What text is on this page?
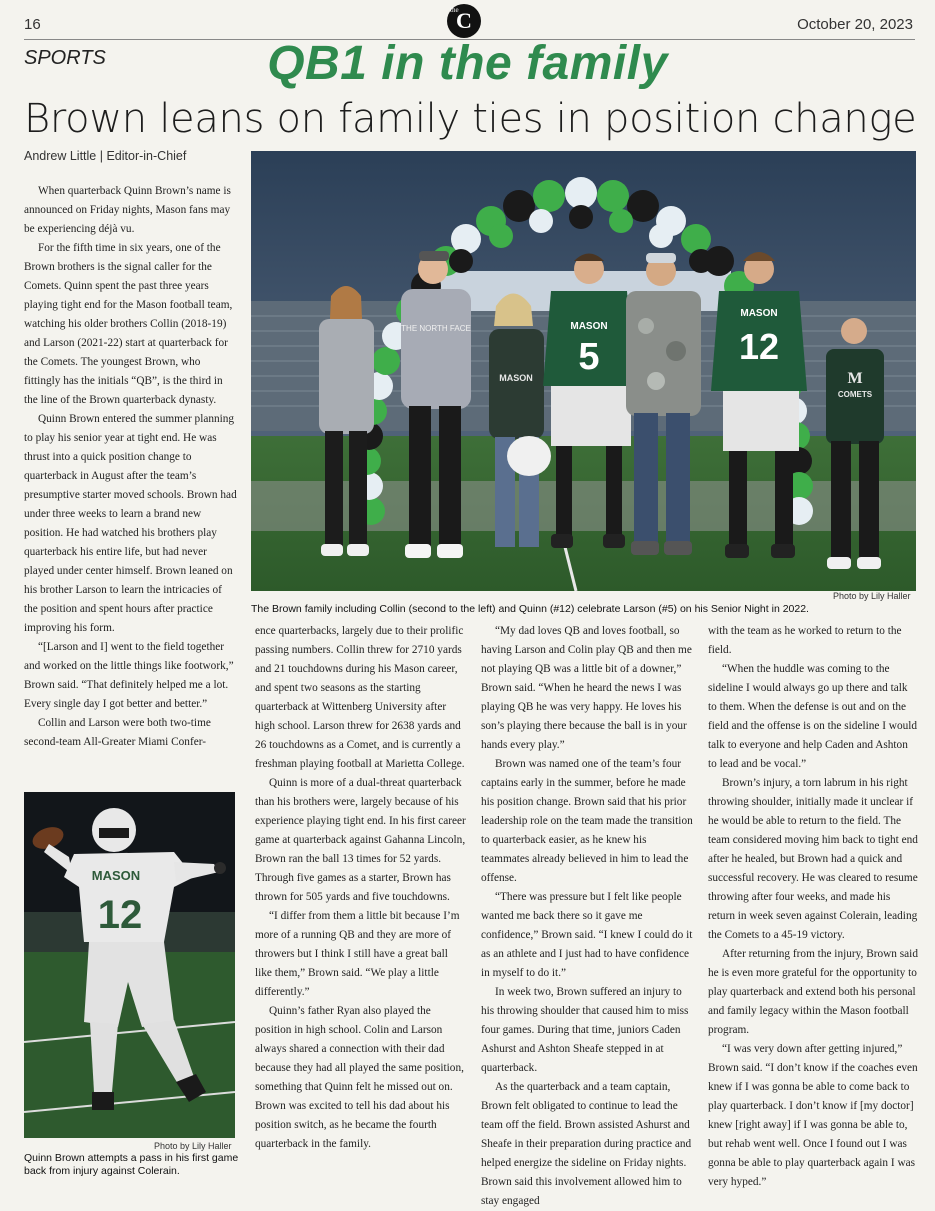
16
the
C	October 20, 2023
SPORTS	QB1 in the family
Brown leans on family ties in position change
Andrew Little | Editor-in-Chief
THE NORTH FACE
MASON
MASON
5
MASON
12
M
COMETS
Photo by Lily Haller
The Brown family including Collin (second to the left) and Quinn (#12) celebrate Larson (#5) on his Senior Night in 2022.
MASON
12
Photo by Lily Haller
Quinn Brown attempts a pass in his first game back from injury against Colerain.

When quarterback Quinn Brown’s name is announced on Friday nights, Mason fans may be experiencing déjà vu.

For the fifth time in six years, one of the Brown brothers is the signal caller for the Comets. Quinn spent the past three years playing tight end for the Mason football team, watching his older brothers Collin (2018-19) and Larson (2021-22) start at quarterback for the Comets. The youngest Brown, who fittingly has the initials “QB”, is the third in the line of the Brown quarterback dynasty.

Quinn Brown entered the summer planning to play his senior year at tight end. He was thrust into a quick position change to quarterback in August after the team’s presumptive starter moved schools. Brown had under three weeks to learn a brand new position. He had watched his brothers play quarterback his entire life, but had never played under center himself. Brown leaned on his brother Larson to learn the intricacies of the position and spent hours after practice improving his form.

“[Larson and I] went to the field together and worked on the little things like footwork,” Brown said. “That definitely helped me a lot. Every single day I got better and better.”

Collin and Larson were both two-time second-team All-Greater Miami Confer-

ence quarterbacks, largely due to their prolific passing numbers. Collin threw for 2710 yards and 21 touchdowns during his Mason career, and spent two seasons as the starting quarterback at Wittenberg University after high school. Larson threw for 2638 yards and 26 touchdowns as a Comet, and is currently a freshman playing football at Marietta College.

Quinn is more of a dual-threat quarterback than his brothers were, largely because of his experience playing tight end. In his first career game at quarterback against Gahanna Lincoln, Brown ran the ball 13 times for 52 yards. Through five games as a starter, Brown has thrown for 505 yards and five touchdowns.

“I differ from them a little bit because I’m more of a running QB and they are more of throwers but I think I still have a great ball like them,” Brown said. “We play a little differently.”

Quinn’s father Ryan also played the position in high school. Colin and Larson always shared a connection with their dad because they had all played the same position, something that Quinn felt he missed out on. Brown was excited to tell his dad about his position switch, as he became the fourth quarterback in the family.

“My dad loves QB and loves football, so having Larson and Colin play QB and then me not playing QB was a little bit of a downer,” Brown said. “When he heard the news I was playing QB he was very happy. He loves his son’s playing there because the ball is in your hands every play.”

Brown was named one of the team’s four captains early in the summer, before he made his position change. Brown said that his prior leadership role on the team made the transition to quarterback easier, as he knew his teammates already believed in him to lead the offense.

“There was pressure but I felt like people wanted me back there so it gave me confidence,” Brown said. “I knew I could do it as an athlete and I just had to have confidence in myself to do it.”

In week two, Brown suffered an injury to his throwing shoulder that caused him to miss four games. During that time, juniors Caden Ashurst and Ashton Sheafe stepped in at quarterback.

As the quarterback and a team captain, Brown felt obligated to continue to lead the team off the field. Brown assisted Ashurst and Sheafe in their preparation during practice and helped energize the sideline on Friday nights. Brown said this involvement allowed him to stay engaged

with the team as he worked to return to the field.

“When the huddle was coming to the sideline I would always go up there and talk to them. When the defense is out and on the field and the offense is on the sideline I would talk to everyone and help Caden and Ashton to lead and be vocal.”

Brown’s injury, a torn labrum in his right throwing shoulder, initially made it unclear if he would be able to return to the field. The team considered moving him back to tight end after he healed, but Brown had a quick and successful recovery. He was cleared to resume throwing after four weeks, and made his return in week seven against Colerain, leading the Comets to a 45-19 victory.

After returning from the injury, Brown said he is even more grateful for the opportunity to play quarterback and extend both his personal and family legacy within the Mason football program.

“I was very down after getting injured,” Brown said. “I don’t know if the coaches even knew if I was gonna be able to come back to play quarterback. I don’t know if [my doctor] knew [right away] if I was gonna be able to, but rehab went well. Once I found out I was gonna be able to play quarterback again I was very hyped.”
